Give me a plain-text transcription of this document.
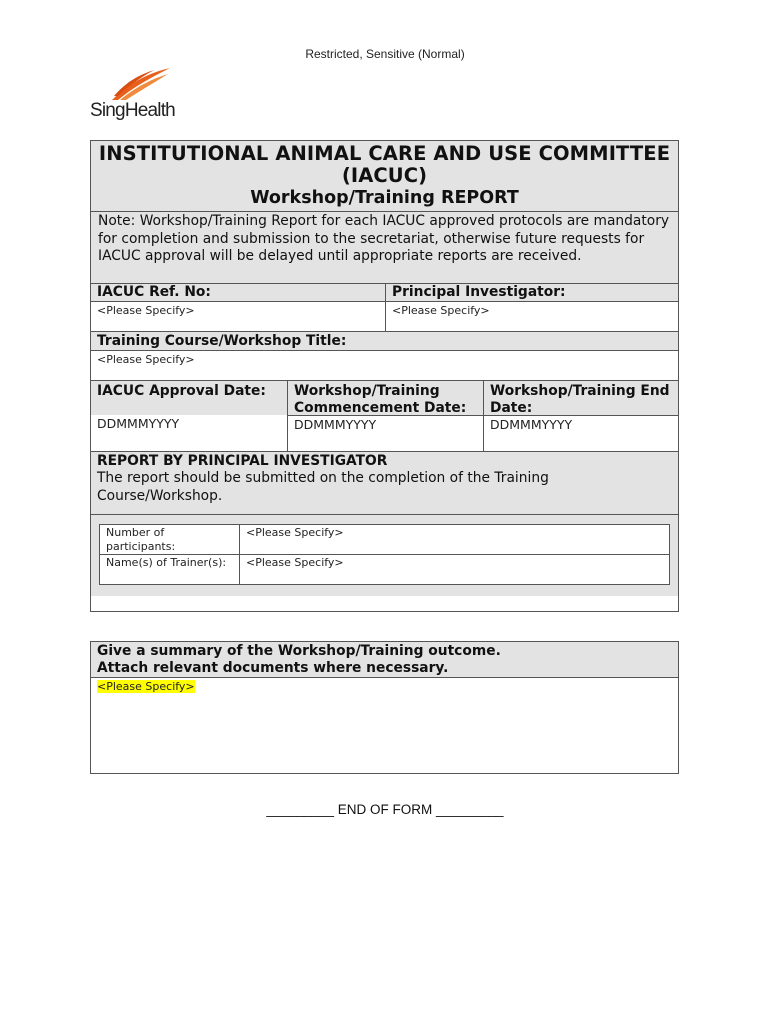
Restricted, Sensitive (Normal)
SingHealth
INSTITUTIONAL ANIMAL CARE AND USE COMMITTEE
(IACUC)
Workshop/Training REPORT
Note: Workshop/Training Report for each IACUC approved protocols are mandatory for completion and submission to the secretariat, otherwise future requests for IACUC approval will be delayed until appropriate reports are received.
IACUC Ref. No:
<Please Specify>
Principal Investigator:
<Please Specify>
Training Course/Workshop Title:
<Please Specify>
IACUC Approval Date:
DDMMMYYYY
Workshop/Training Commencement Date:
DDMMMYYYY
Workshop/Training End Date:
DDMMMYYYY
REPORT BY PRINCIPAL INVESTIGATOR
The report should be submitted on the completion of the Training Course/Workshop.
Number of participants:
<Please Specify>
Name(s) of Trainer(s):	<Please Specify>
Give a summary of the Workshop/Training outcome.
Attach relevant documents where necessary.
<Please Specify>
_________ END OF FORM _________
